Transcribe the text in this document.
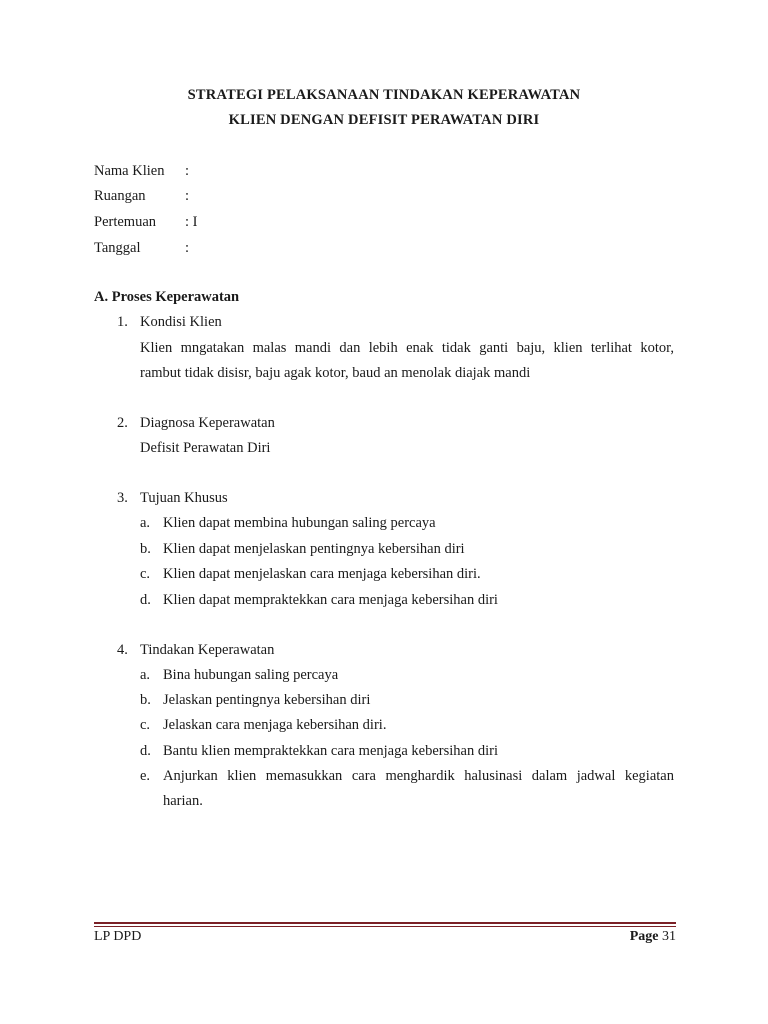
STRATEGI PELAKSANAAN TINDAKAN KEPERAWATAN
KLIEN DENGAN DEFISIT PERAWATAN DIRI
Nama Klien :
Ruangan	:
Pertemuan : I
Tanggal	:
A. Proses Keperawatan
1. Kondisi Klien
Klien mngatakan malas mandi dan lebih enak tidak ganti baju, klien terlihat kotor,
rambut tidak disisr, baju agak kotor, baud an menolak diajak mandi
2. Diagnosa Keperawatan
Defisit Perawatan Diri
3. Tujuan Khusus
a. Klien dapat membina hubungan saling percaya
b. Klien dapat menjelaskan pentingnya kebersihan diri
c. Klien dapat menjelaskan cara menjaga kebersihan diri.
d. Klien dapat mempraktekkan cara menjaga kebersihan diri
4. Tindakan Keperawatan
a. Bina hubungan saling percaya
b. Jelaskan pentingnya kebersihan diri
c. Jelaskan cara menjaga kebersihan diri.
d. Bantu klien mempraktekkan cara menjaga kebersihan diri
e. Anjurkan klien memasukkan cara menghardik halusinasi dalam jadwal kegiatan
harian.
LP DPD	Page 31
